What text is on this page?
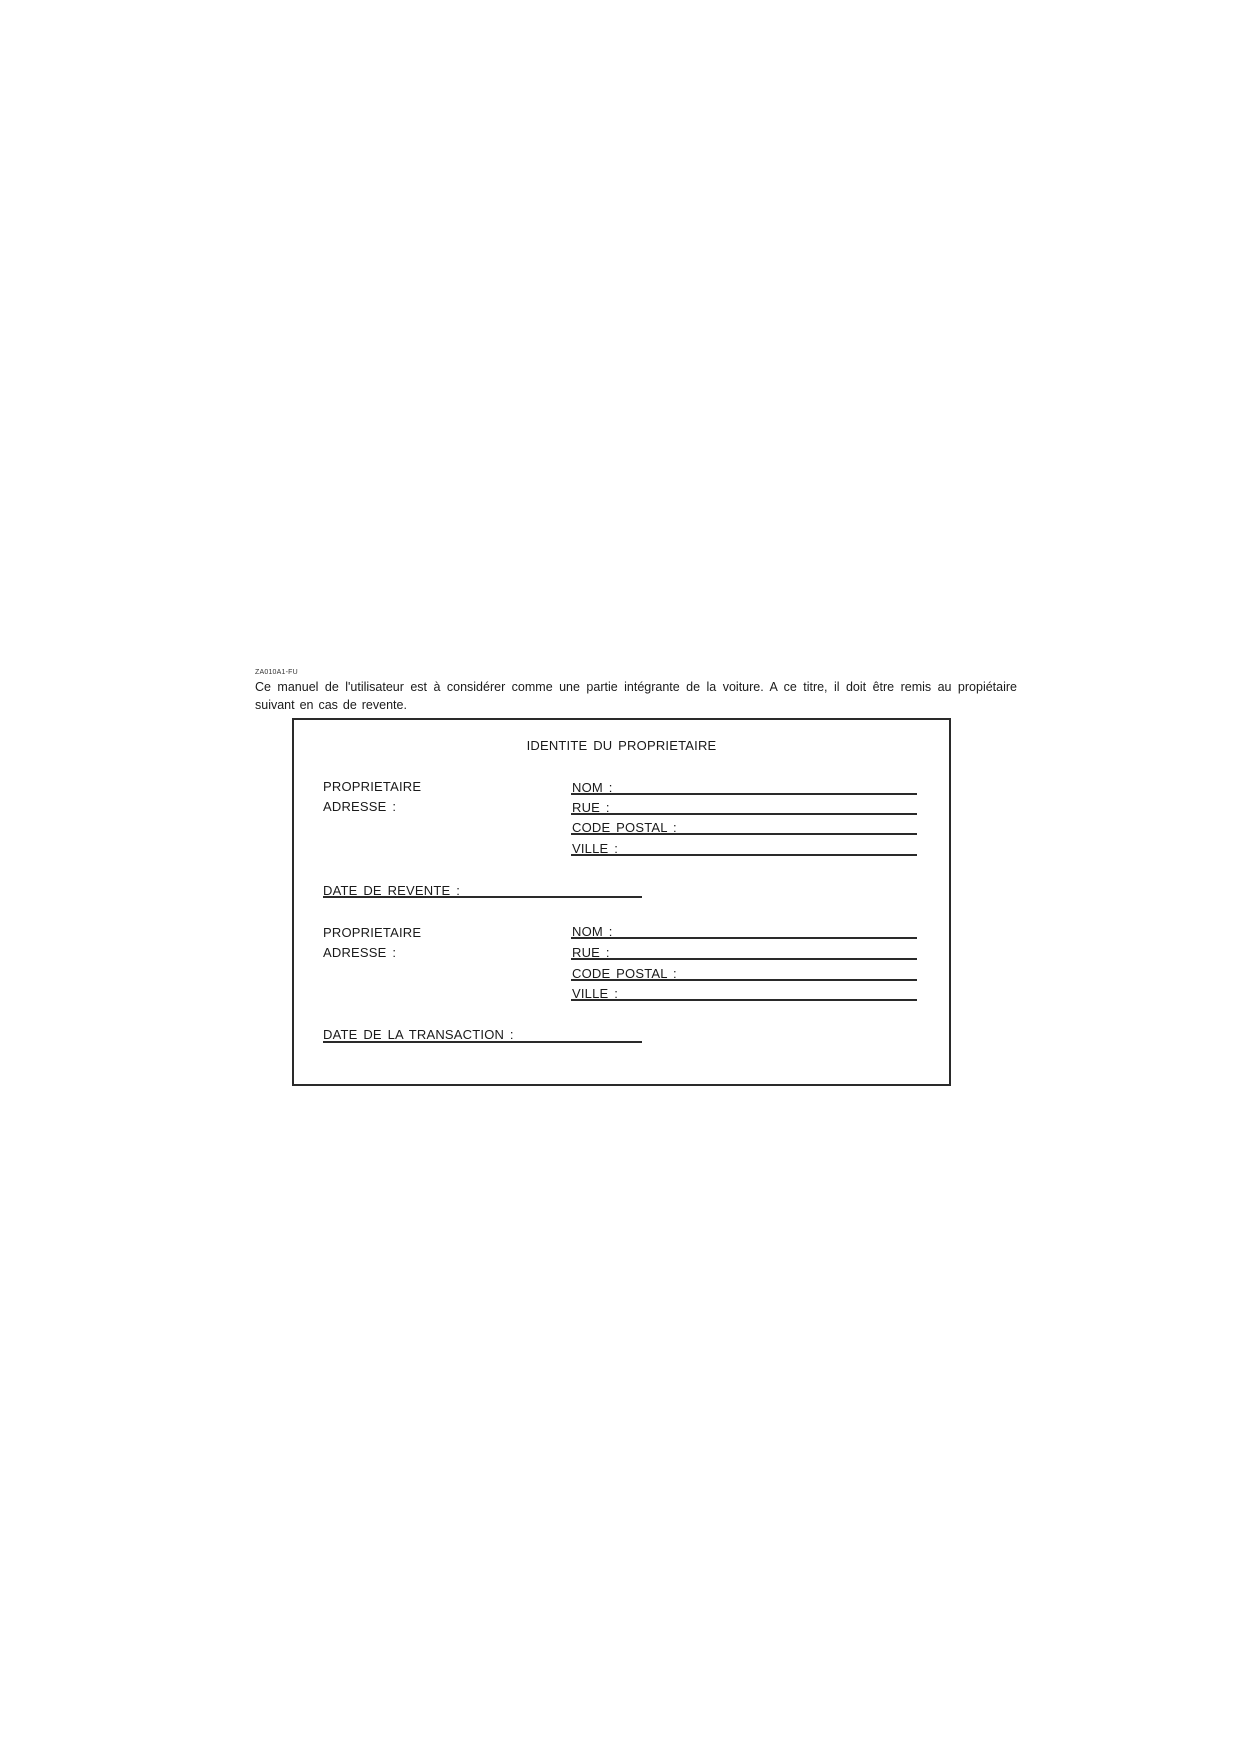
ZA010A1-FU
Ce manuel de l'utilisateur est à considérer comme une partie intégrante de la voiture. A ce titre, il doit être remis au propiétaire suivant en cas de revente.
IDENTITE DU PROPRIETAIRE
PROPRIETAIRE
ADRESSE :
NOM :
RUE :
CODE POSTAL :
VILLE :
DATE DE REVENTE :
PROPRIETAIRE
ADRESSE :
NOM :
RUE :
CODE POSTAL :
VILLE :
DATE DE LA TRANSACTION :
